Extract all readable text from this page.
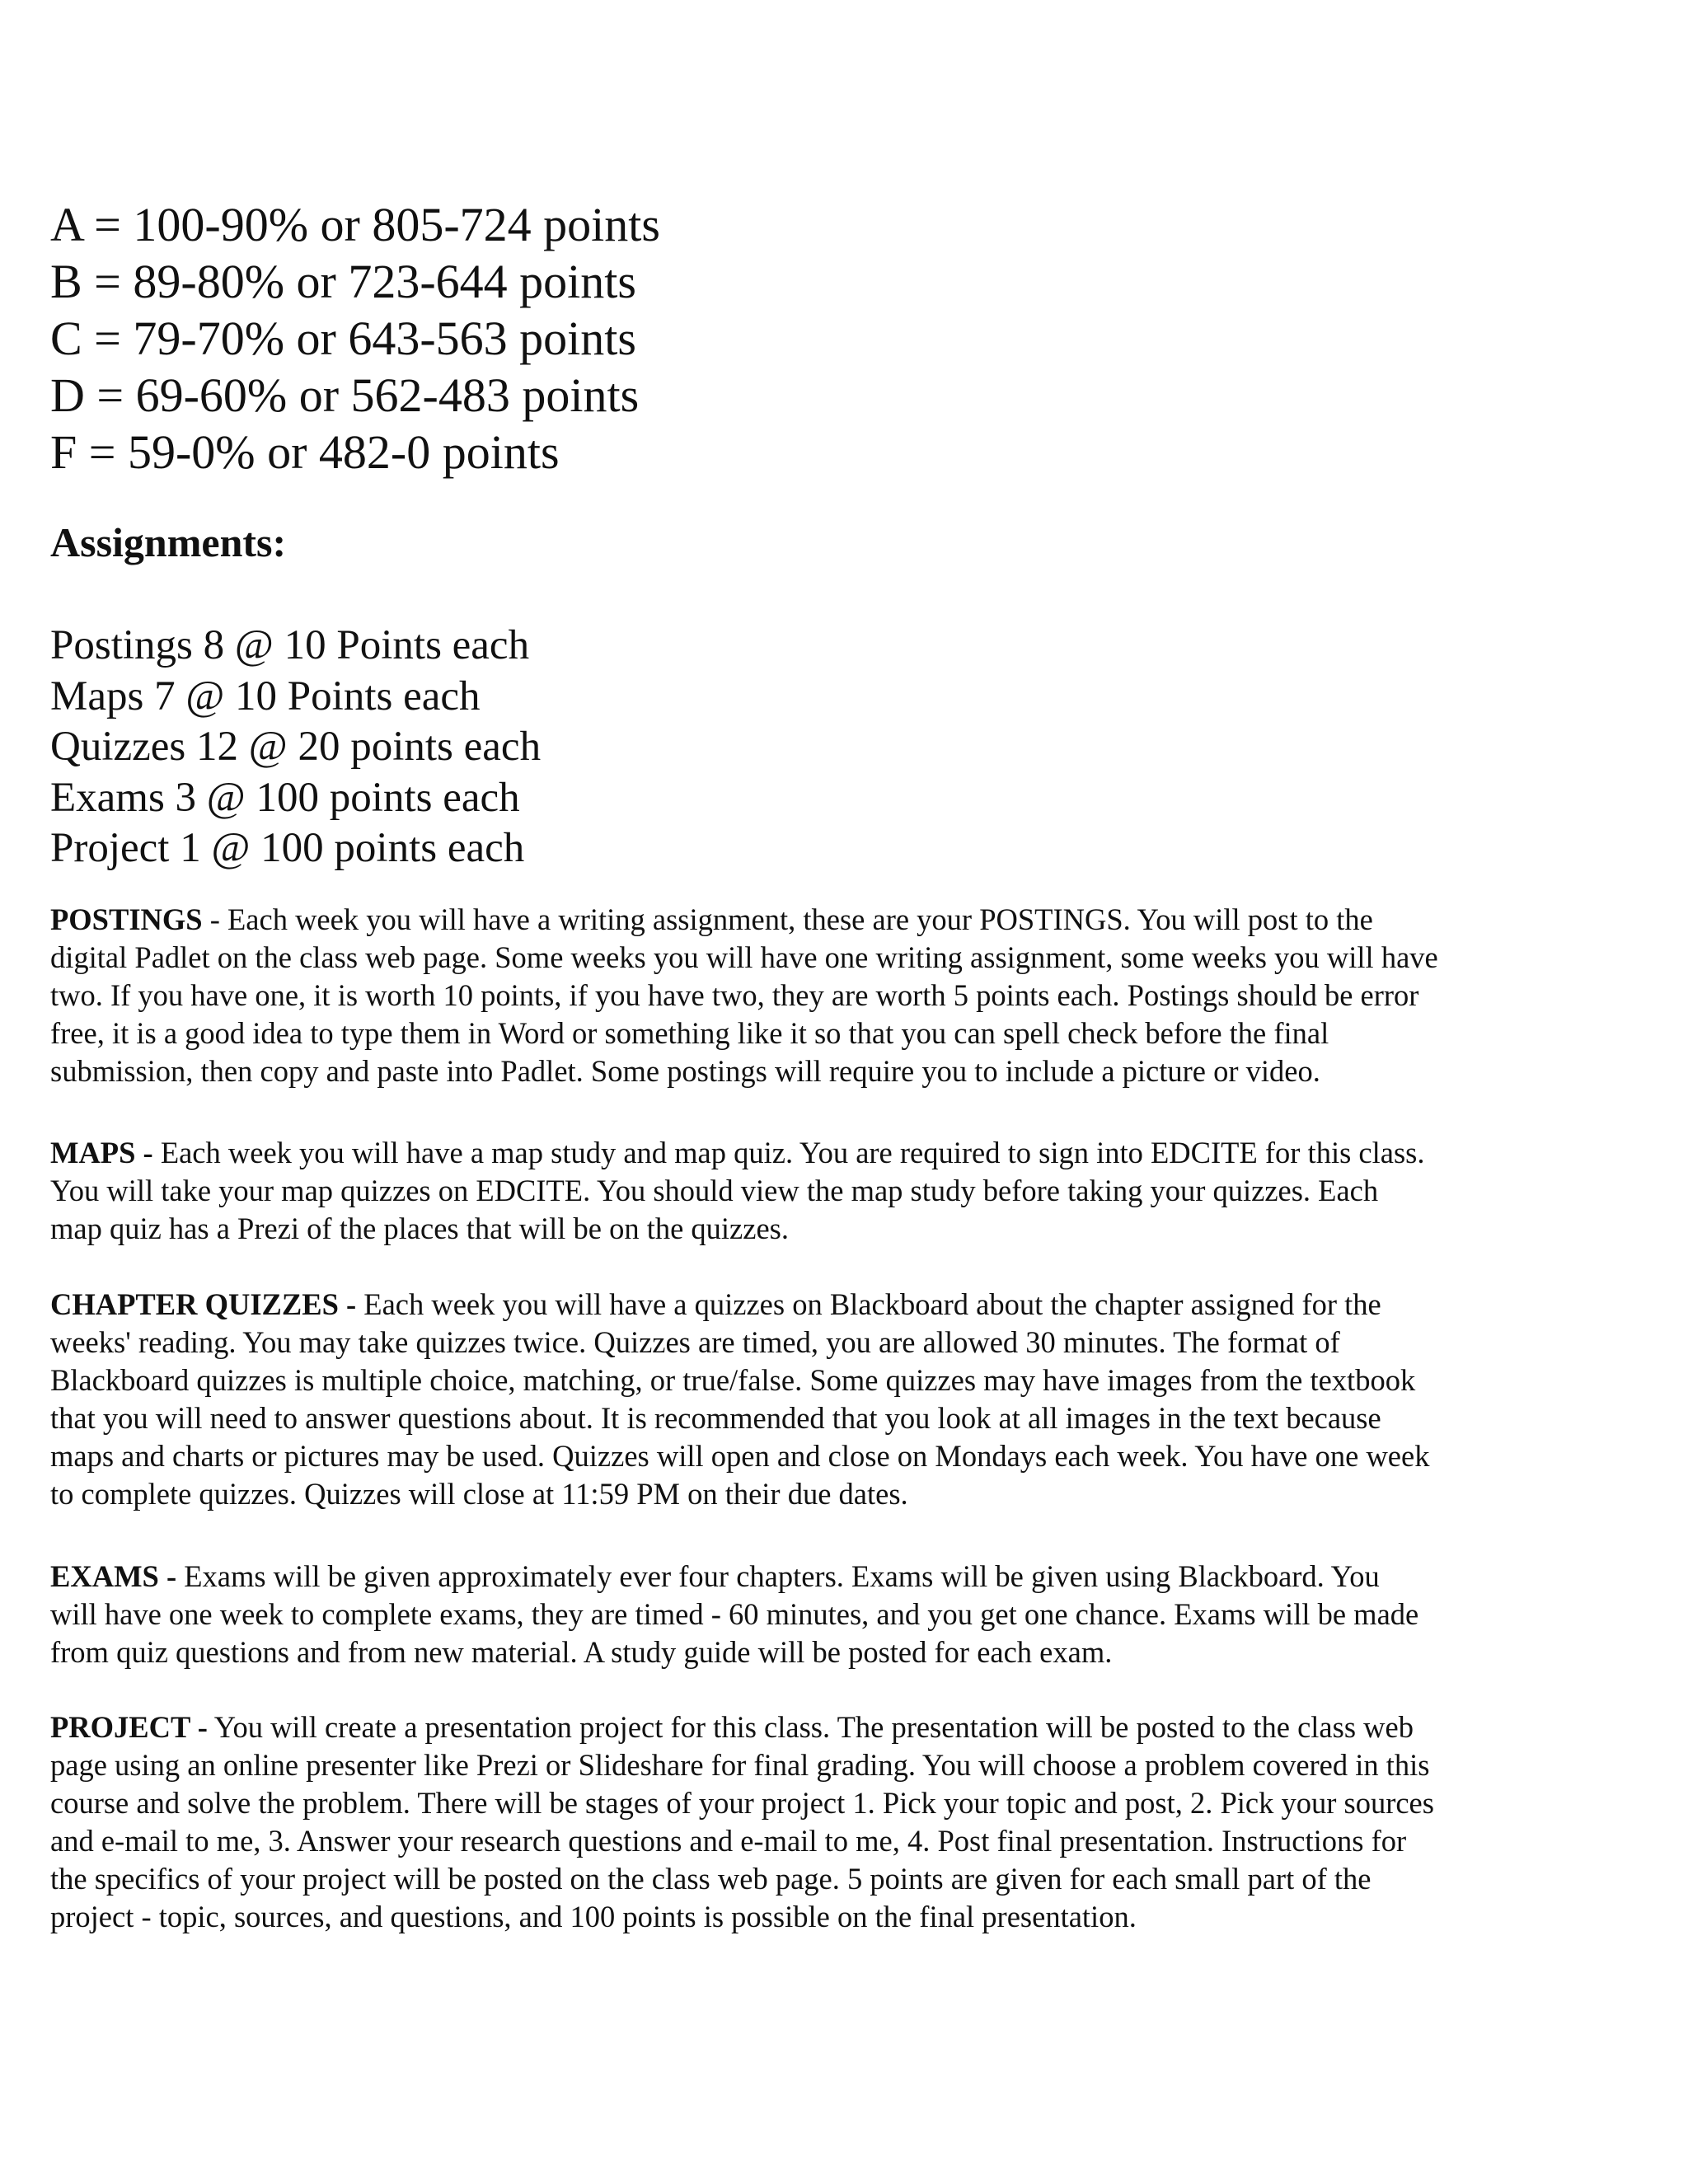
A = 100-90% or 805-724 points
B = 89-80% or 723-644 points
C = 79-70% or 643-563 points
D = 69-60% or 562-483 points
F = 59-0% or 482-0 points
Assignments:
Postings 8 @ 10 Points each
Maps 7 @ 10 Points each
Quizzes 12 @ 20 points each
Exams 3 @ 100 points each
Project 1 @ 100 points each
POSTINGS - Each week you will have a writing assignment, these are your POSTINGS. You will post to the
digital Padlet on the class web page. Some weeks you will have one writing assignment, some weeks you will have
two. If you have one, it is worth 10 points, if you have two, they are worth 5 points each. Postings should be error
free, it is a good idea to type them in Word or something like it so that you can spell check before the final
submission, then copy and paste into Padlet. Some postings will require you to include a picture or video.
MAPS - Each week you will have a map study and map quiz. You are required to sign into EDCITE for this class.
You will take your map quizzes on EDCITE. You should view the map study before taking your quizzes. Each
map quiz has a Prezi of the places that will be on the quizzes.
CHAPTER QUIZZES - Each week you will have a quizzes on Blackboard about the chapter assigned for the
weeks' reading. You may take quizzes twice. Quizzes are timed, you are allowed 30 minutes. The format of
Blackboard quizzes is multiple choice, matching, or true/false. Some quizzes may have images from the textbook
that you will need to answer questions about. It is recommended that you look at all images in the text because
maps and charts or pictures may be used. Quizzes will open and close on Mondays each week. You have one week
to complete quizzes. Quizzes will close at 11:59 PM on their due dates.
EXAMS - Exams will be given approximately ever four chapters. Exams will be given using Blackboard. You
will have one week to complete exams, they are timed - 60 minutes, and you get one chance. Exams will be made
from quiz questions and from new material. A study guide will be posted for each exam.
PROJECT - You will create a presentation project for this class. The presentation will be posted to the class web
page using an online presenter like Prezi or Slideshare for final grading. You will choose a problem covered in this
course and solve the problem. There will be stages of your project 1. Pick your topic and post, 2. Pick your sources
and e-mail to me, 3. Answer your research questions and e-mail to me, 4. Post final presentation. Instructions for
the specifics of your project will be posted on the class web page. 5 points are given for each small part of the
project - topic, sources, and questions, and 100 points is possible on the final presentation.
